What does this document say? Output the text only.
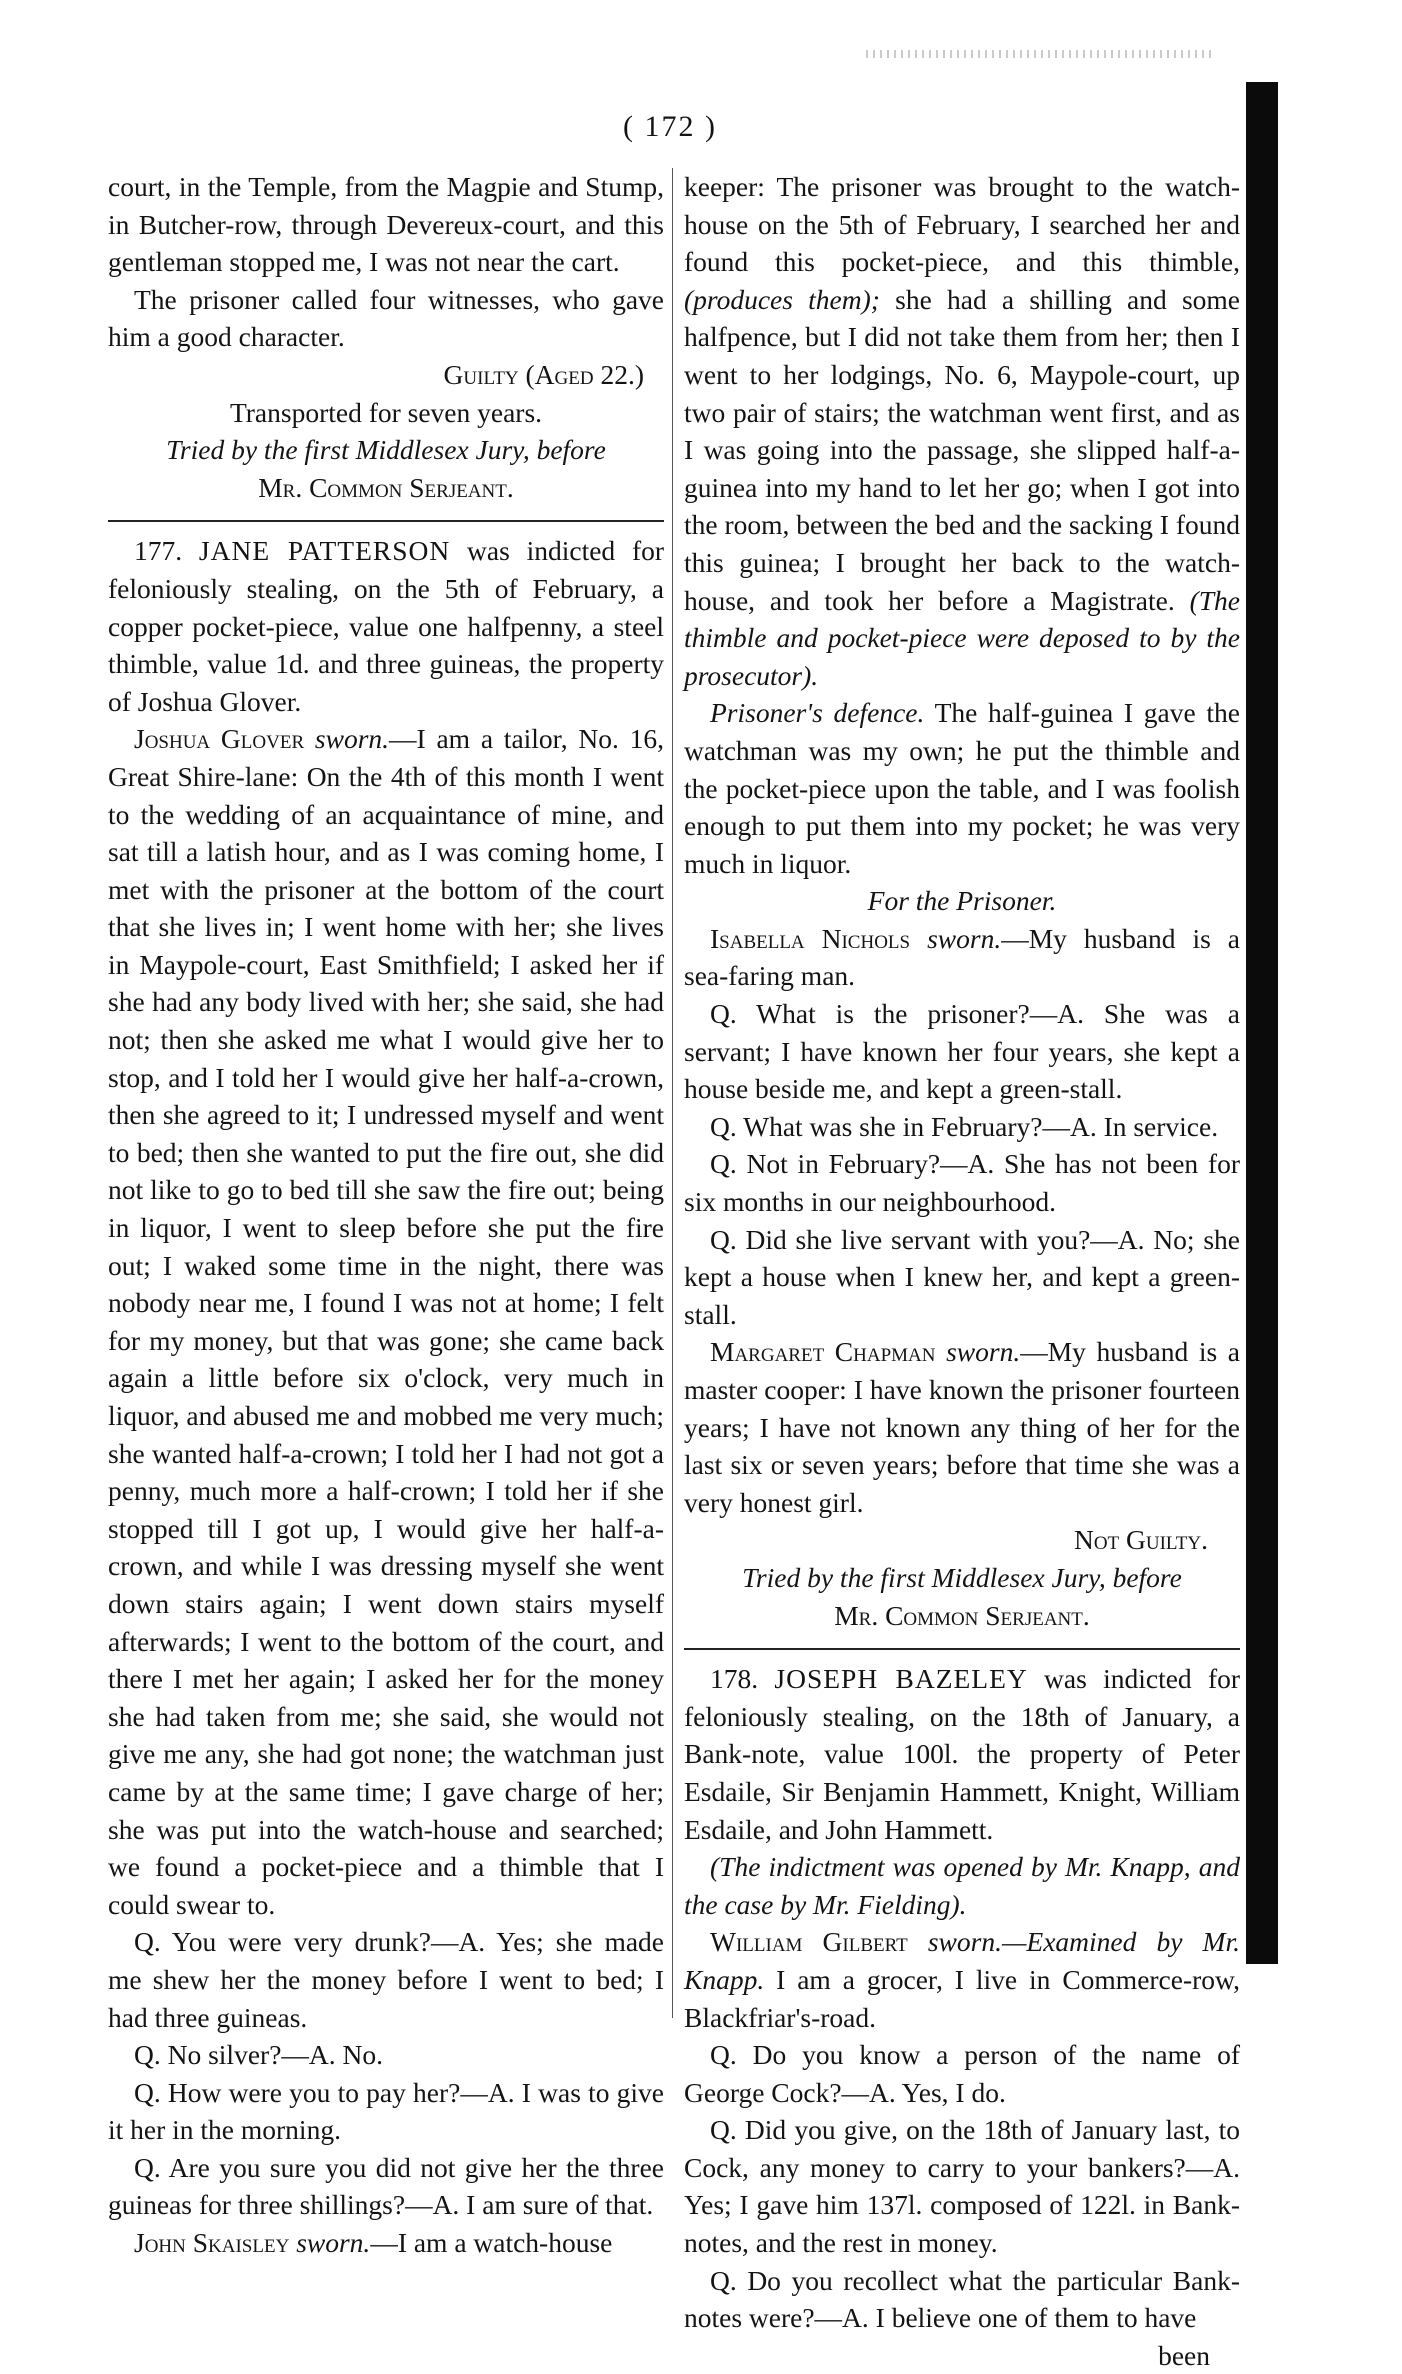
( 172 )

court, in the Temple, from the Magpie and Stump, in Butcher-row, through Devereux-court, and this gentleman stopped me, I was not near the cart.

The prisoner called four witnesses, who gave him a good character.

Guilty (Aged 22.)

Transported for seven years.

Tried by the first Middlesex Jury, before

Mr. Common Serjeant.

177. JANE PATTERSON was indicted for feloniously stealing, on the 5th of February, a copper pocket-piece, value one halfpenny, a steel thimble, value 1d. and three guineas, the property of Joshua Glover.

Joshua Glover sworn.—I am a tailor, No. 16, Great Shire-lane: On the 4th of this month I went to the wedding of an acquaintance of mine, and sat till a latish hour, and as I was coming home, I met with the prisoner at the bottom of the court that she lives in; I went home with her; she lives in Maypole-court, East Smithfield; I asked her if she had any body lived with her; she said, she had not; then she asked me what I would give her to stop, and I told her I would give her half-a-crown, then she agreed to it; I undressed myself and went to bed; then she wanted to put the fire out, she did not like to go to bed till she saw the fire out; being in liquor, I went to sleep before she put the fire out; I waked some time in the night, there was nobody near me, I found I was not at home; I felt for my money, but that was gone; she came back again a little before six o'clock, very much in liquor, and abused me and mobbed me very much; she wanted half-a-crown; I told her I had not got a penny, much more a half-crown; I told her if she stopped till I got up, I would give her half-a-crown, and while I was dressing myself she went down stairs again; I went down stairs myself afterwards; I went to the bottom of the court, and there I met her again; I asked her for the money she had taken from me; she said, she would not give me any, she had got none; the watchman just came by at the same time; I gave charge of her; she was put into the watch-house and searched; we found a pocket-piece and a thimble that I could swear to.

Q. You were very drunk?—A. Yes; she made me shew her the money before I went to bed; I had three guineas.

Q. No silver?—A. No.

Q. How were you to pay her?—A. I was to give it her in the morning.

Q. Are you sure you did not give her the three guineas for three shillings?—A. I am sure of that.

John Skaisley sworn.—I am a watch-house

keeper: The prisoner was brought to the watch-house on the 5th of February, I searched her and found this pocket-piece, and this thimble, (produces them); she had a shilling and some halfpence, but I did not take them from her; then I went to her lodgings, No. 6, Maypole-court, up two pair of stairs; the watchman went first, and as I was going into the passage, she slipped half-a-guinea into my hand to let her go; when I got into the room, between the bed and the sacking I found this guinea; I brought her back to the watch-house, and took her before a Magistrate. (The thimble and pocket-piece were deposed to by the prosecutor).

Prisoner's defence. The half-guinea I gave the watchman was my own; he put the thimble and the pocket-piece upon the table, and I was foolish enough to put them into my pocket; he was very much in liquor.

For the Prisoner.

Isabella Nichols sworn.—My husband is a sea-faring man.

Q. What is the prisoner?—A. She was a servant; I have known her four years, she kept a house beside me, and kept a green-stall.

Q. What was she in February?—A. In service.

Q. Not in February?—A. She has not been for six months in our neighbourhood.

Q. Did she live servant with you?—A. No; she kept a house when I knew her, and kept a green-stall.

Margaret Chapman sworn.—My husband is a master cooper: I have known the prisoner fourteen years; I have not known any thing of her for the last six or seven years; before that time she was a very honest girl.

Not Guilty.

Tried by the first Middlesex Jury, before

Mr. Common Serjeant.

178. JOSEPH BAZELEY was indicted for feloniously stealing, on the 18th of January, a Bank-note, value 100l. the property of Peter Esdaile, Sir Benjamin Hammett, Knight, William Esdaile, and John Hammett.

(The indictment was opened by Mr. Knapp, and the case by Mr. Fielding).

William Gilbert sworn.—Examined by Mr. Knapp. I am a grocer, I live in Commerce-row, Blackfriar's-road.

Q. Do you know a person of the name of George Cock?—A. Yes, I do.

Q. Did you give, on the 18th of January last, to Cock, any money to carry to your bankers?—A. Yes; I gave him 137l. composed of 122l. in Bank-notes, and the rest in money.

Q. Do you recollect what the particular Bank-notes were?—A. I believe one of them to have

been
